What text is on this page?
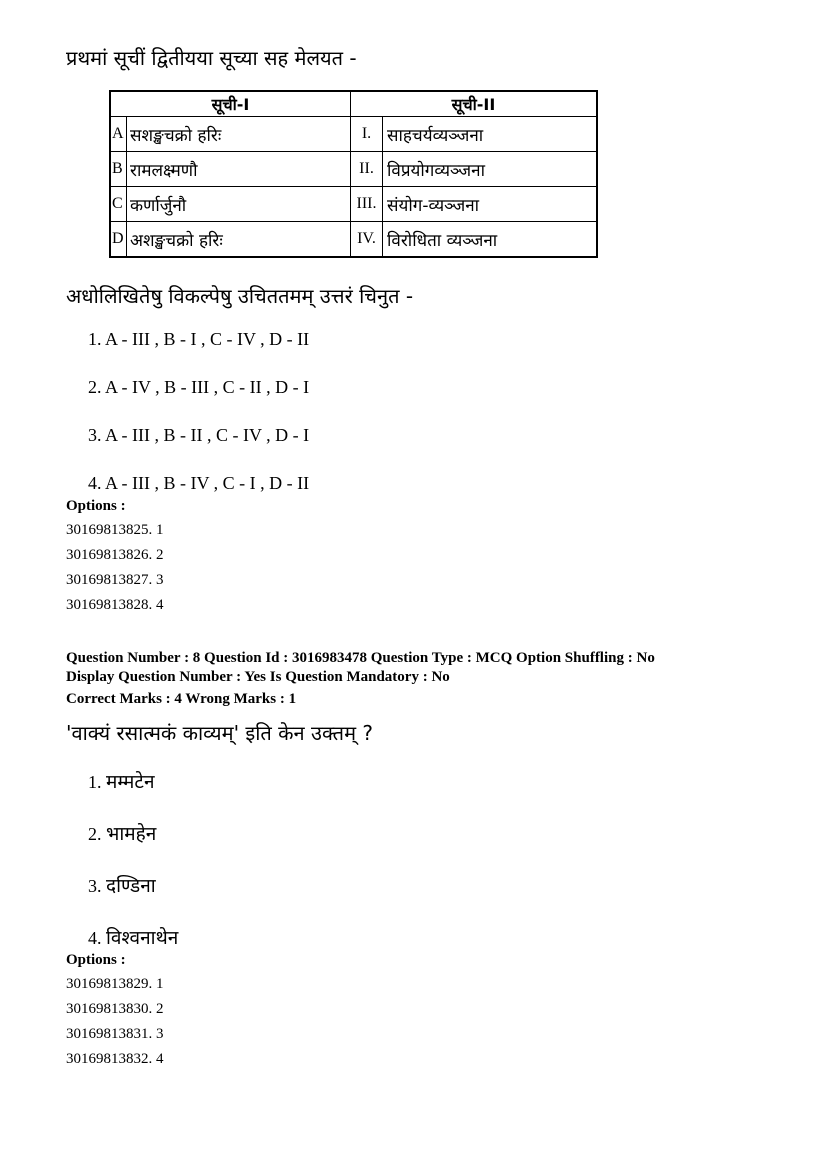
प्रथमां सूचीं द्वितीयया सूच्या सह मेलयत -
सूची-I		सूची-II	
A	सशङ्खचक्रो हरिः	I.	साहचर्यव्यञ्जना
B	रामलक्ष्मणौ	II.	विप्रयोगव्यञ्जना
C	कर्णार्जुनौ	III.	संयोग-व्यञ्जना
D	अशङ्खचक्रो हरिः	IV.	विरोधिता व्यञ्जना
अधोलिखितेषु विकल्पेषु उचिततमम् उत्तरं चिनुत -
1. A - III , B - I , C - IV , D - II
2. A - IV , B - III , C - II , D - I
3. A - III , B - II , C - IV , D - I
4. A - III , B - IV , C - I , D - II
Options :
30169813825. 1
30169813826. 2
30169813827. 3
30169813828. 4
Question Number : 8 Question Id : 3016983478 Question Type : MCQ Option Shuffling : No
Display Question Number : Yes Is Question Mandatory : No
Correct Marks : 4 Wrong Marks : 1
'वाक्यं रसात्मकं काव्यम्' इति केन उक्तम् ?
1. मम्मटेन
2. भामहेन
3. दण्डिना
4. विश्वनाथेन
Options :
30169813829. 1
30169813830. 2
30169813831. 3
30169813832. 4
